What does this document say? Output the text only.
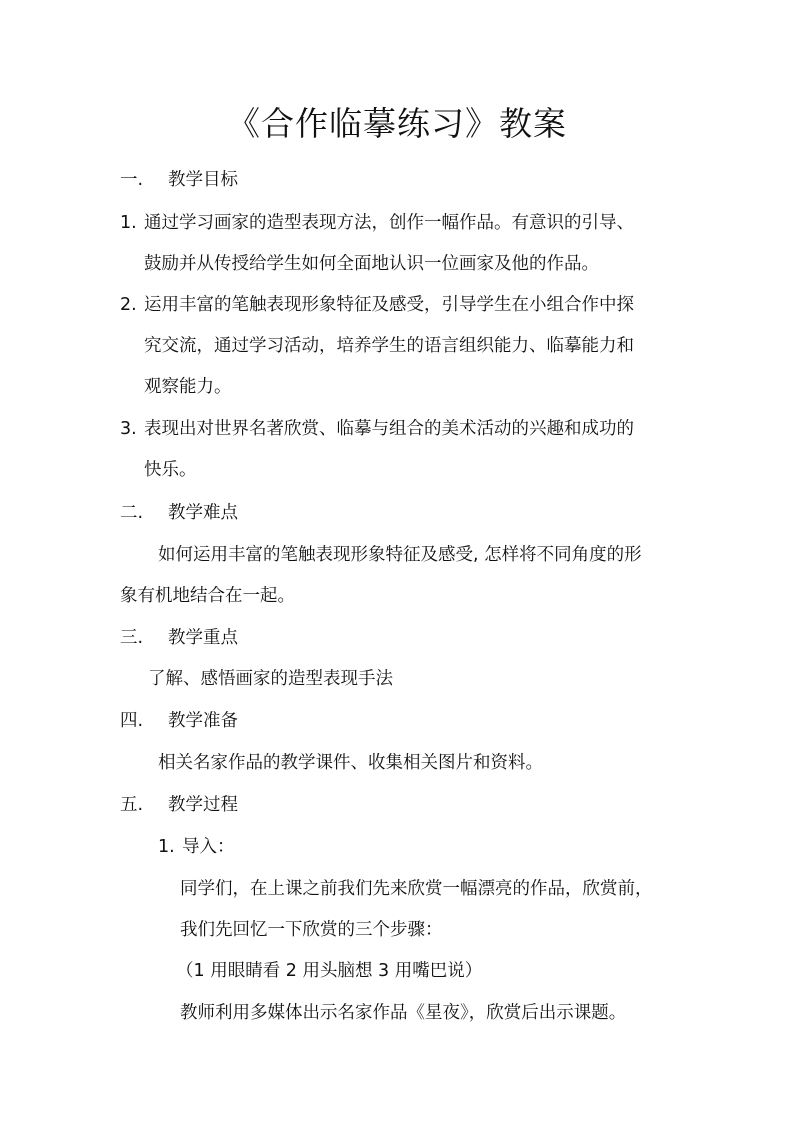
《合作临摹练习》教案
一. 教学目标
1. 通过学习画家的造型表现方法，创作一幅作品。有意识的引导、
鼓励并从传授给学生如何全面地认识一位画家及他的作品。
2. 运用丰富的笔触表现形象特征及感受，引导学生在小组合作中探
究交流，通过学习活动，培养学生的语言组织能力、临摹能力和
观察能力。
3. 表现出对世界名著欣赏、临摹与组合的美术活动的兴趣和成功的
快乐。
二. 教学难点
如何运用丰富的笔触表现形象特征及感受, 怎样将不同角度的形
象有机地结合在一起。
三. 教学重点
了解、感悟画家的造型表现手法
四. 教学准备
相关名家作品的教学课件、收集相关图片和资料。
五. 教学过程
1. 导入：
同学们，在上课之前我们先来欣赏一幅漂亮的作品，欣赏前，
我们先回忆一下欣赏的三个步骤：
（1 用眼睛看 2 用头脑想 3 用嘴巴说）
教师利用多媒体出示名家作品《星夜》，欣赏后出示课题。
